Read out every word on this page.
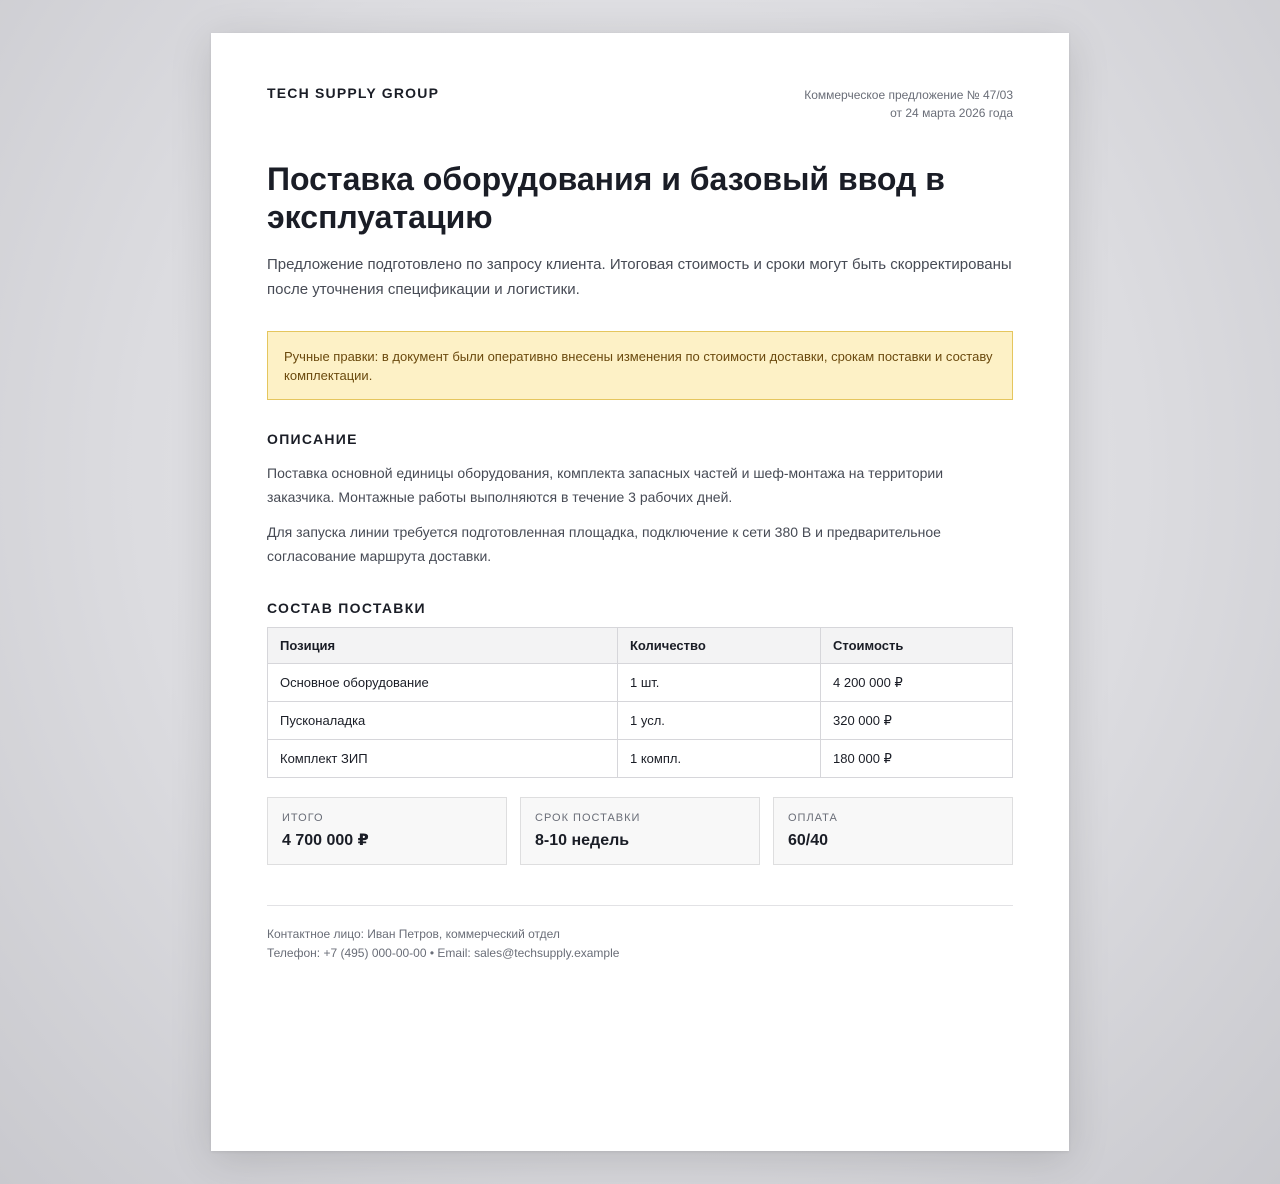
TECH SUPPLY GROUP	Коммерческое предложение № 47/03
от 24 марта 2026 года
Поставка оборудования и базовый ввод в эксплуатацию

Предложение подготовлено по запросу клиента. Итоговая стоимость и сроки могут быть скорректированы после уточнения спецификации и логистики.

Ручные правки: в документ были оперативно внесены изменения по стоимости доставки, срокам поставки и составу комплектации.
ОПИСАНИЕ

Поставка основной единицы оборудования, комплекта запасных частей и шеф-монтажа на территории заказчика. Монтажные работы выполняются в течение 3 рабочих дней.

Для запуска линии требуется подготовленная площадка, подключение к сети 380 В и предварительное согласование маршрута доставки.

СОСТАВ ПОСТАВКИ
Позиция	Количество	Стоимость
Основное оборудование	1 шт.	4 200 000 ₽
Пусконаладка	1 усл.	320 000 ₽
Комплект ЗИП	1 компл.	180 000 ₽
ИТОГО
4 700 000 ₽
СРОК ПОСТАВКИ
8-10 недель
ОПЛАТА
60/40
Контактное лицо: Иван Петров, коммерческий отдел
Телефон: +7 (495) 000-00-00 • Email: sales@techsupply.example
